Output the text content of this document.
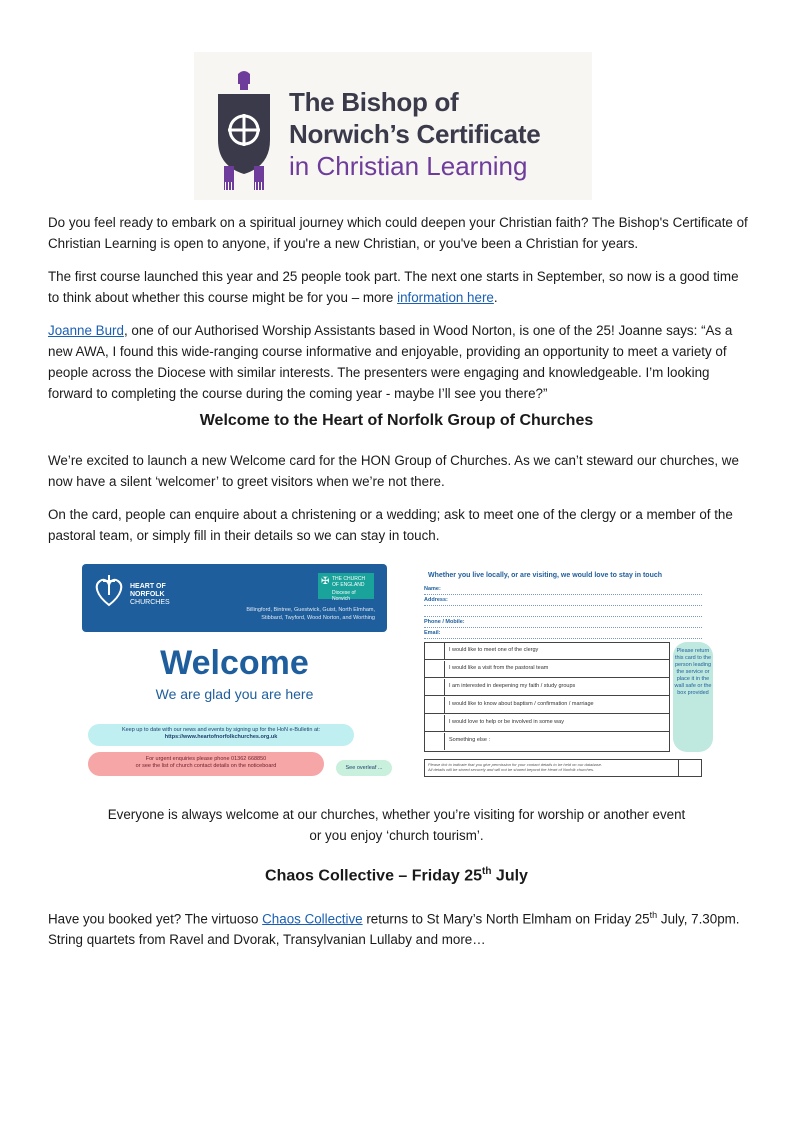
The Bishop of
Norwich’s Certificate
in Christian Learning

Do you feel ready to embark on a spiritual journey which could deepen your Christian faith? The Bishop's Certificate of Christian Learning is open to anyone, if you're a new Christian, or you've been a Christian for years.

The first course launched this year and 25 people took part. The next one starts in September, so now is a good time to think about whether this course might be for you – more information here.

Joanne Burd, one of our Authorised Worship Assistants based in Wood Norton, is one of the 25! Joanne says: “As a new AWA, I found this wide-ranging course informative and enjoyable, providing an opportunity to meet a variety of people across the Diocese with similar interests. The presenters were engaging and knowledgeable. I’m looking forward to completing the course during the coming year - maybe I’ll see you there?”

Welcome to the Heart of Norfolk Group of Churches

We’re excited to launch a new Welcome card for the HON Group of Churches. As we can’t steward our churches, we now have a silent ‘welcomer’ to greet visitors when we’re not there.

On the card, people can enquire about a christening or a wedding; ask to meet one of the clergy or a member of the pastoral team, or simply fill in their details so we can stay in touch.

HEART OF
NORFOLK
CHURCHES
✠ THE CHURCH
OF ENGLAND
Diocese of Norwich
Billingford, Bintree, Guestwick, Guist, North Elmham,
Stibbard, Twyford, Wood Norton, and Worthing
Welcome
We are glad you are here
Keep up to date with our news and events by signing up for the HoN e-Bulletin at:
https://www.heartofnorfolkchurches.org.uk
For urgent enquiries please phone 01362 668850
or see the list of church contact details on the noticeboard	See overleaf ...
Whether you live locally, or are visiting, we would love to stay in touch
Name:
Address:
Phone / Mobile:
Email:
I would like to meet one of the clergy
I would like a visit from the pastoral team
I am interested in deepening my faith / study groups
I would like to know about baptism / confirmation / marriage
I would love to help or be involved in some way
Something else :
Please return this card to the person leading the service or place it in the wall safe or the box provided
Please tick to indicate that you give permission for your contact details to be held on our database.
All details will be stored securely and will not be shared beyond the Heart of Norfolk churches.

Everyone is always welcome at our churches, whether you’re visiting for worship or another event

or you enjoy ‘church tourism’.

Chaos Collective – Friday 25th July

Have you booked yet? The virtuoso Chaos Collective returns to St Mary’s North Elmham on Friday 25th July, 7.30pm.
String quartets from Ravel and Dvorak, Transylvanian Lullaby and more…
